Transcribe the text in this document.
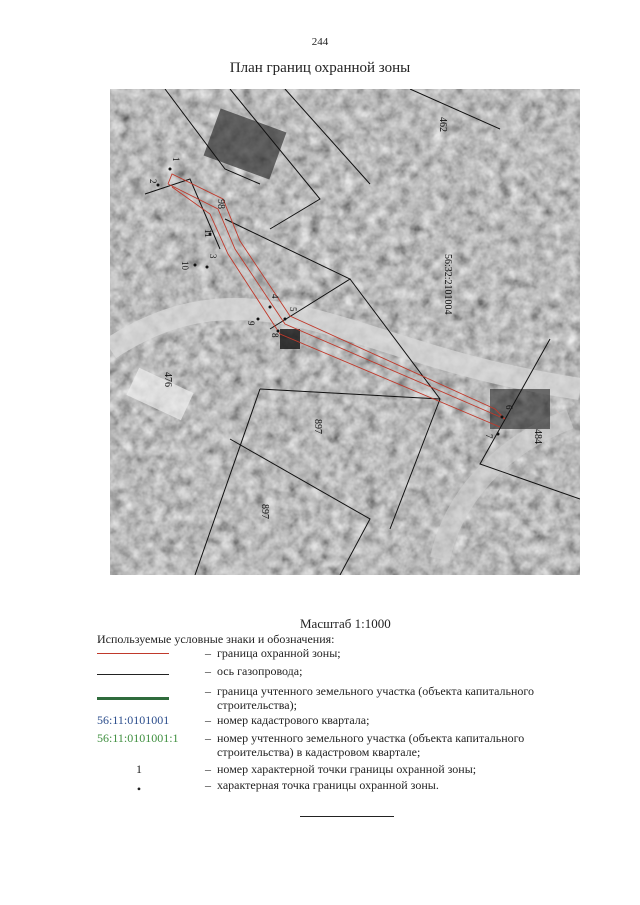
244
План границ охранной зоны
462
98
56:32:2101004
476
897
897
484
1
2
3
4
5
6
7
8
9
10
11
Масштаб 1:1000
Используемые условные знаки и обозначения:
– граница охранной зоны;
– ось газопровода;
– граница учтенного земельного участка (объекта капитального строительства);
56:11:0101001	– номер кадастрового квартала;
56:11:0101001:1	– номер учтенного земельного участка (объекта капитального строительства) в кадастровом квартале;
1	– номер характерной точки границы охранной зоны;
•	– характерная точка границы охранной зоны.
